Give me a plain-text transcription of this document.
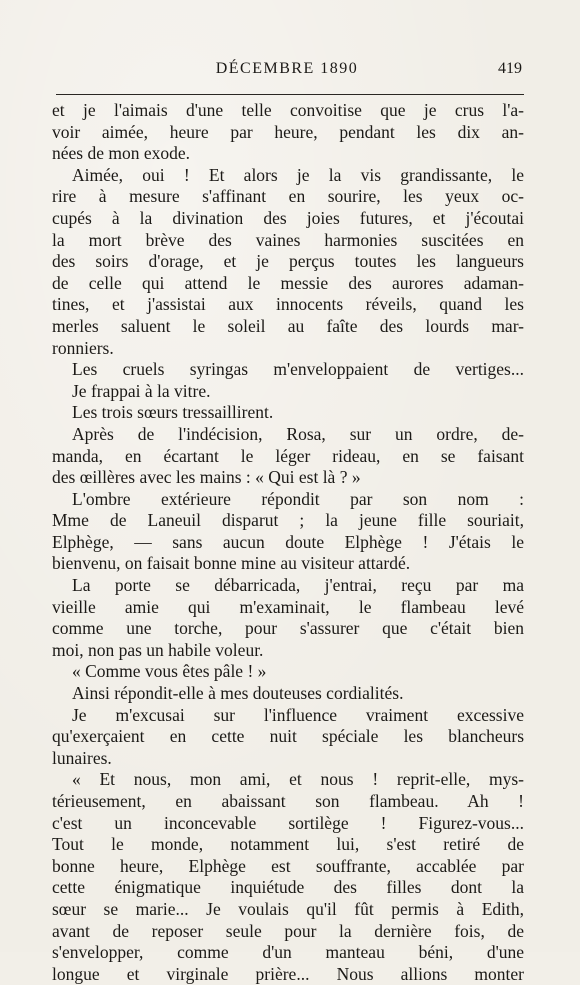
DÉCEMBRE 1890	419
et je l'aimais d'une telle convoitise que je crus l'a-
voir aimée, heure par heure, pendant les dix an-
nées de mon exode.
Aimée, oui ! Et alors je la vis grandissante, le
rire à mesure s'affinant en sourire, les yeux oc-
cupés à la divination des joies futures, et j'écoutai
la mort brève des vaines harmonies suscitées en
des soirs d'orage, et je perçus toutes les langueurs
de celle qui attend le messie des aurores adaman-
tines, et j'assistai aux innocents réveils, quand les
merles saluent le soleil au faîte des lourds mar-
ronniers.
Les cruels syringas m'enveloppaient de vertiges...
Je frappai à la vitre.
Les trois sœurs tressaillirent.
Après de l'indécision, Rosa, sur un ordre, de-
manda, en écartant le léger rideau, en se faisant
des œillères avec les mains : « Qui est là ? »
L'ombre extérieure répondit par son nom :
Mme de Laneuil disparut ; la jeune fille souriait,
Elphège, — sans aucun doute Elphège ! J'étais le
bienvenu, on faisait bonne mine au visiteur attardé.
La porte se débarricada, j'entrai, reçu par ma
vieille amie qui m'examinait, le flambeau levé
comme une torche, pour s'assurer que c'était bien
moi, non pas un habile voleur.
« Comme vous êtes pâle ! »
Ainsi répondit-elle à mes douteuses cordialités.
Je m'excusai sur l'influence vraiment excessive
qu'exerçaient en cette nuit spéciale les blancheurs
lunaires.
« Et nous, mon ami, et nous ! reprit-elle, mys-
térieusement, en abaissant son flambeau. Ah !
c'est un inconcevable sortilège ! Figurez-vous...
Tout le monde, notamment lui, s'est retiré de
bonne heure, Elphège est souffrante, accablée par
cette énigmatique inquiétude des filles dont la
sœur se marie... Je voulais qu'il fût permis à Edith,
avant de reposer seule pour la dernière fois, de
s'envelopper, comme d'un manteau béni, d'une
longue et virginale prière... Nous allions monter
